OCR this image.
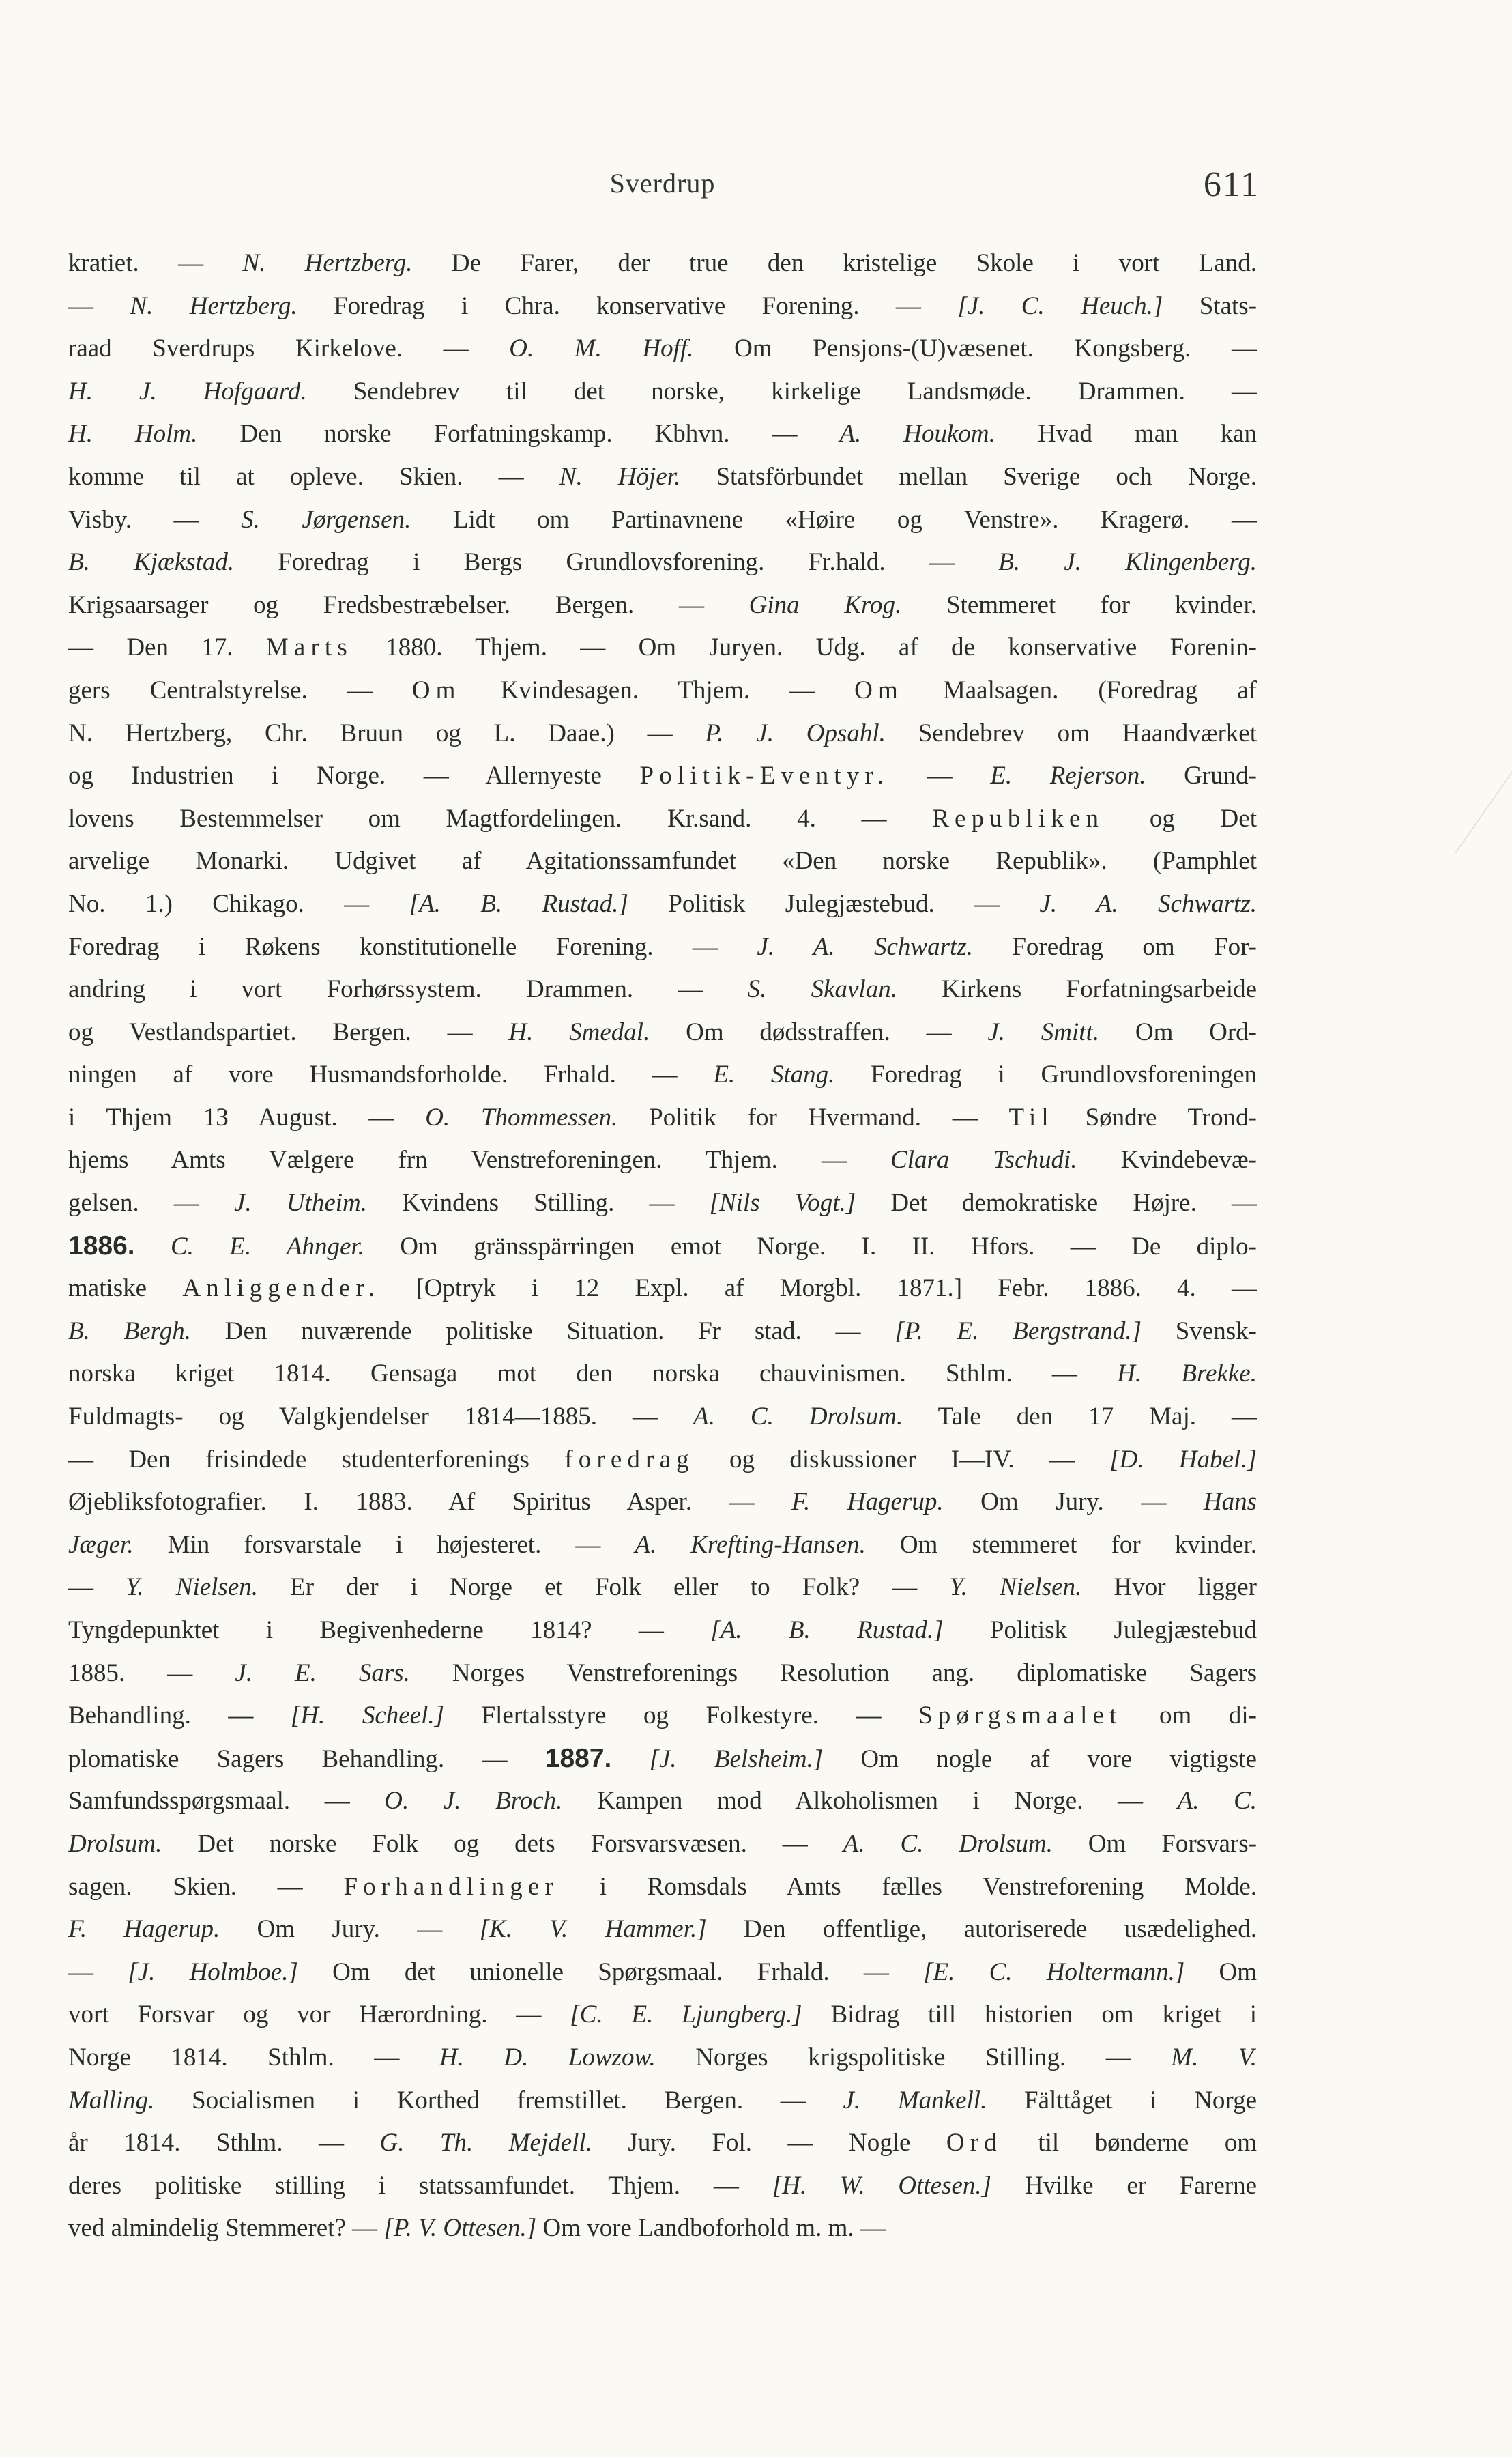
Sverdrup	611
kratiet. — N. Hertzberg. De Farer, der true den kristelige Skole i vort Land.
— N. Hertzberg. Foredrag i Chra. konservative Forening. — [J. C. Heuch.] Stats-
raad Sverdrups Kirkelove. — O. M. Hoff. Om Pensjons-(U)væsenet. Kongsberg. —
H. J. Hofgaard. Sendebrev til det norske, kirkelige Landsmøde. Drammen. —
H. Holm. Den norske Forfatningskamp. Kbhvn. — A. Houkom. Hvad man kan
komme til at opleve. Skien. — N. Höjer. Statsförbundet mellan Sverige och Norge.
Visby. — S. Jørgensen. Lidt om Partinavnene «Høire og Venstre». Kragerø. —
B. Kjækstad. Foredrag i Bergs Grundlovsforening. Fr.hald. — B. J. Klingenberg.
Krigsaarsager og Fredsbestræbelser. Bergen. — Gina Krog. Stemmeret for kvinder.
— Den 17. Marts 1880. Thjem. — Om Juryen. Udg. af de konservative Forenin-
gers Centralstyrelse. — Om Kvindesagen. Thjem. — Om Maalsagen. (Foredrag af
N. Hertzberg, Chr. Bruun og L. Daae.) — P. J. Opsahl. Sendebrev om Haandværket
og Industrien i Norge. — Allernyeste Politik-Eventyr. — E. Rejerson. Grund-
lovens Bestemmelser om Magtfordelingen. Kr.sand. 4. — Republiken og Det
arvelige Monarki. Udgivet af Agitationssamfundet «Den norske Republik». (Pamphlet
No. 1.) Chikago. — [A. B. Rustad.] Politisk Julegjæstebud. — J. A. Schwartz.
Foredrag i Røkens konstitutionelle Forening. — J. A. Schwartz. Foredrag om For-
andring i vort Forhørssystem. Drammen. — S. Skavlan. Kirkens Forfatningsarbeide
og Vestlandspartiet. Bergen. — H. Smedal. Om dødsstraffen. — J. Smitt. Om Ord-
ningen af vore Husmandsforholde. Frhald. — E. Stang. Foredrag i Grundlovsforeningen
i Thjem 13 August. — O. Thommessen. Politik for Hvermand. — Til Søndre Trond-
hjems Amts Vælgere frn Venstreforeningen. Thjem. — Clara Tschudi. Kvindebevæ-
gelsen. — J. Utheim. Kvindens Stilling. — [Nils Vogt.] Det demokratiske Højre. —
1886. C. E. Ahnger. Om gränsspärringen emot Norge. I. II. Hfors. — De diplo-
matiske Anliggender. [Optryk i 12 Expl. af Morgbl. 1871.] Febr. 1886. 4. —
B. Bergh. Den nuværende politiske Situation. Fr stad. — [P. E. Bergstrand.] Svensk-
norska kriget 1814. Gensaga mot den norska chauvinismen. Sthlm. — H. Brekke.
Fuldmagts- og Valgkjendelser 1814—1885. — A. C. Drolsum. Tale den 17 Maj. —
— Den frisindede studenterforenings foredrag og diskussioner I—IV. — [D. Habel.]
Øjebliksfotografier. I. 1883. Af Spiritus Asper. — F. Hagerup. Om Jury. — Hans
Jæger. Min forsvarstale i højesteret. — A. Krefting-Hansen. Om stemmeret for kvinder.
— Y. Nielsen. Er der i Norge et Folk eller to Folk? — Y. Nielsen. Hvor ligger
Tyngdepunktet i Begivenhederne 1814? — [A. B. Rustad.] Politisk Julegjæstebud
1885. — J. E. Sars. Norges Venstreforenings Resolution ang. diplomatiske Sagers
Behandling. — [H. Scheel.] Flertalsstyre og Folkestyre. — Spørgsmaalet om di-
plomatiske Sagers Behandling. — 1887. [J. Belsheim.] Om nogle af vore vigtigste
Samfundsspørgsmaal. — O. J. Broch. Kampen mod Alkoholismen i Norge. — A. C.
Drolsum. Det norske Folk og dets Forsvarsvæsen. — A. C. Drolsum. Om Forsvars-
sagen. Skien. — Forhandlinger i Romsdals Amts fælles Venstreforening Molde.
F. Hagerup. Om Jury. — [K. V. Hammer.] Den offentlige, autoriserede usædelighed.
— [J. Holmboe.] Om det unionelle Spørgsmaal. Frhald. — [E. C. Holtermann.] Om
vort Forsvar og vor Hærordning. — [C. E. Ljungberg.] Bidrag till historien om kriget i
Norge 1814. Sthlm. — H. D. Lowzow. Norges krigspolitiske Stilling. — M. V.
Malling. Socialismen i Korthed fremstillet. Bergen. — J. Mankell. Fälttåget i Norge
år 1814. Sthlm. — G. Th. Mejdell. Jury. Fol. — Nogle Ord til bønderne om
deres politiske stilling i statssamfundet. Thjem. — [H. W. Ottesen.] Hvilke er Farerne
ved almindelig Stemmeret? — [P. V. Ottesen.] Om vore Landboforhold m. m. —
